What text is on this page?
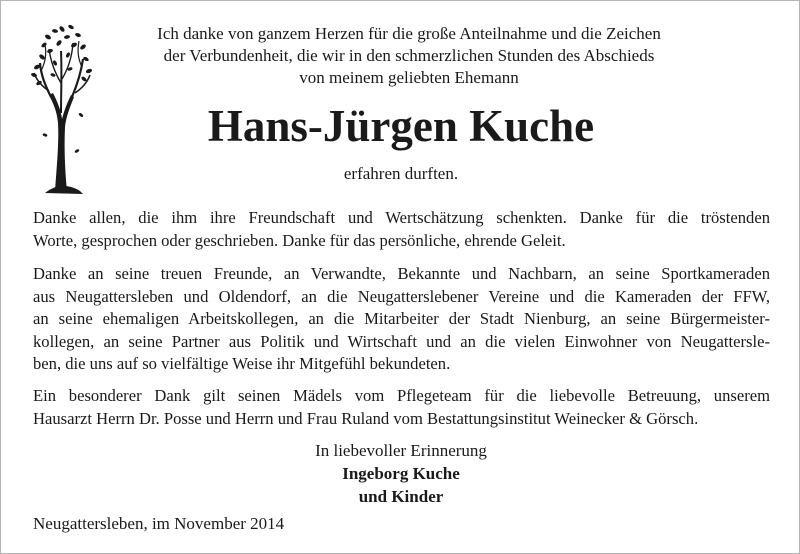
Ich danke von ganzem Herzen für die große Anteilnahme und die Zeichen
der Verbundenheit, die wir in den schmerzlichen Stunden des Abschieds
von meinem geliebten Ehemann
Hans-Jürgen Kuche
erfahren durften.
Danke allen, die ihm ihre Freundschaft und Wertschätzung schenkten. Danke für die tröstenden
Worte, gesprochen oder geschrieben. Danke für das persönliche, ehrende Geleit.
Danke an seine treuen Freunde, an Verwandte, Bekannte und Nachbarn, an seine Sportkameraden
aus Neugattersleben und Oldendorf, an die Neugatterslebener Vereine und die Kameraden der FFW,
an seine ehemaligen Arbeitskollegen, an die Mitarbeiter der Stadt Nienburg, an seine Bürgermeister-
kollegen, an seine Partner aus Politik und Wirtschaft und an die vielen Einwohner von Neugattersle-
ben, die uns auf so vielfältige Weise ihr Mitgefühl bekundeten.
Ein besonderer Dank gilt seinen Mädels vom Pflegeteam für die liebevolle Betreuung, unserem
Hausarzt Herrn Dr. Posse und Herrn und Frau Ruland vom Bestattungsinstitut Weinecker & Görsch.
In liebevoller Erinnerung
Ingeborg Kuche
und Kinder
Neugattersleben, im November 2014
